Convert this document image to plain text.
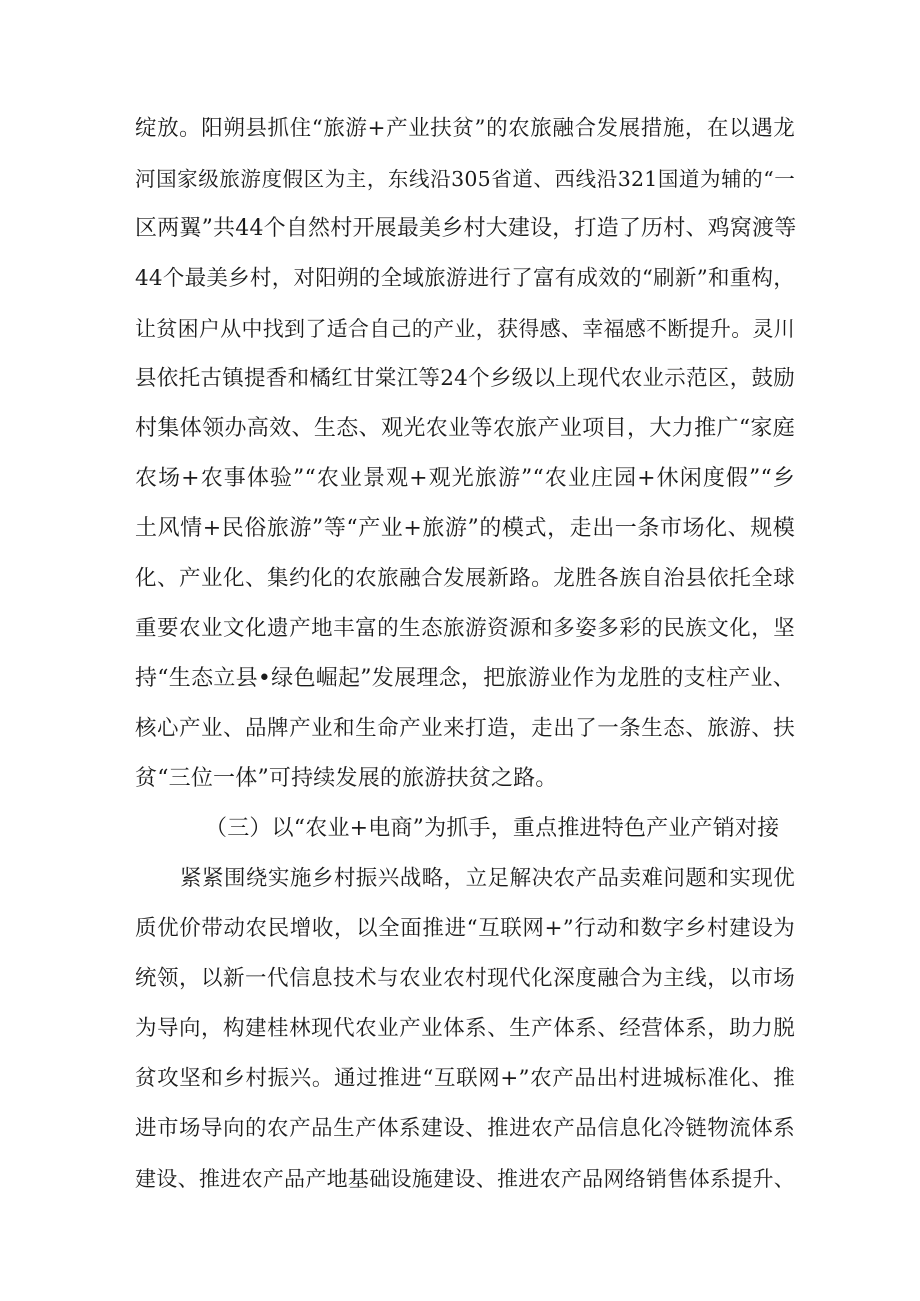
绽放。阳朔县抓住“旅游+产业扶贫”的农旅融合发展措施，在以遇龙
河国家级旅游度假区为主，东线沿305省道、西线沿321国道为辅的“一
区两翼”共44个自然村开展最美乡村大建设，打造了历村、鸡窝渡等
44个最美乡村，对阳朔的全域旅游进行了富有成效的“刷新”和重构，
让贫困户从中找到了适合自己的产业，获得感、幸福感不断提升。灵川
县依托古镇提香和橘红甘棠江等24个乡级以上现代农业示范区，鼓励
村集体领办高效、生态、观光农业等农旅产业项目，大力推广“家庭
农场+农事体验”“农业景观+观光旅游”“农业庄园+休闲度假”“乡
土风情+民俗旅游”等“产业+旅游”的模式，走出一条市场化、规模
化、产业化、集约化的农旅融合发展新路。龙胜各族自治县依托全球
重要农业文化遗产地丰富的生态旅游资源和多姿多彩的民族文化，坚
持“生态立县•绿色崛起”发展理念，把旅游业作为龙胜的支柱产业、
核心产业、品牌产业和生命产业来打造，走出了一条生态、旅游、扶
贫“三位一体”可持续发展的旅游扶贫之路。
（三）以“农业+电商”为抓手，重点推进特色产业产销对接
紧紧围绕实施乡村振兴战略，立足解决农产品卖难问题和实现优
质优价带动农民增收，以全面推进“互联网+”行动和数字乡村建设为
统领，以新一代信息技术与农业农村现代化深度融合为主线，以市场
为导向，构建桂林现代农业产业体系、生产体系、经营体系，助力脱
贫攻坚和乡村振兴。通过推进“互联网+”农产品出村进城标准化、推
进市场导向的农产品生产体系建设、推进农产品信息化冷链物流体系
建设、推进农产品产地基础设施建设、推进农产品网络销售体系提升、
